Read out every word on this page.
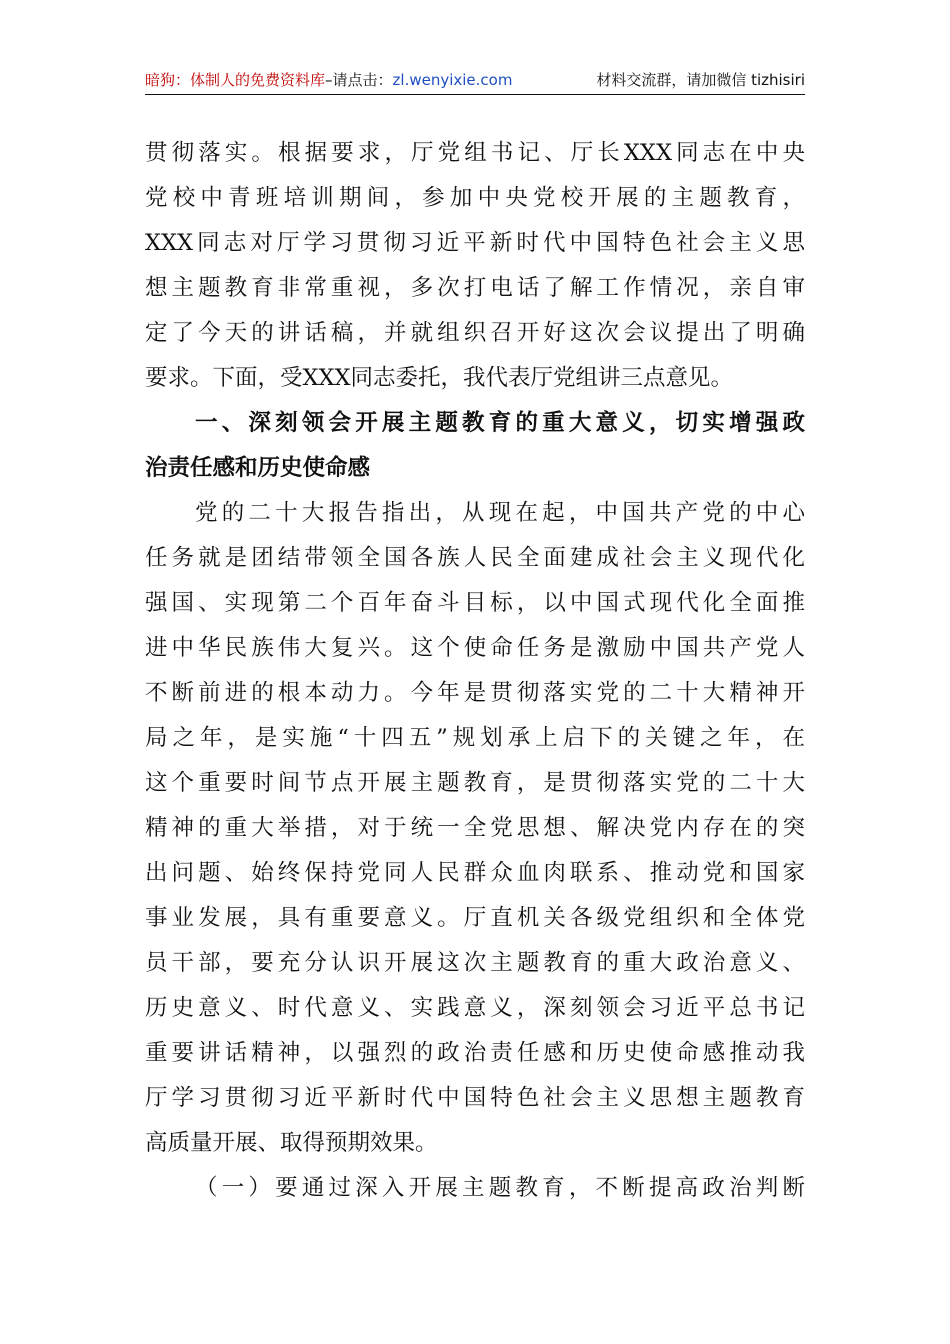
暗狗：体制人的免费资料库–请点击：zl.wenyixie.com	材料交流群，请加微信 tizhisiri
贯彻落实。根据要求，厅党组书记、厅长XXX同志在中央
党校中青班培训期间，参加中央党校开展的主题教育，
XXX同志对厅学习贯彻习近平新时代中国特色社会主义思
想主题教育非常重视，多次打电话了解工作情况，亲自审
定了今天的讲话稿，并就组织召开好这次会议提出了明确
要求。下面，受XXX同志委托，我代表厅党组讲三点意见。
一、深刻领会开展主题教育的重大意义，切实增强政
治责任感和历史使命感
党的二十大报告指出，从现在起，中国共产党的中心
任务就是团结带领全国各族人民全面建成社会主义现代化
强国、实现第二个百年奋斗目标，以中国式现代化全面推
进中华民族伟大复兴。这个使命任务是激励中国共产党人
不断前进的根本动力。今年是贯彻落实党的二十大精神开
局之年，是实施“十四五”规划承上启下的关键之年，在
这个重要时间节点开展主题教育，是贯彻落实党的二十大
精神的重大举措，对于统一全党思想、解决党内存在的突
出问题、始终保持党同人民群众血肉联系、推动党和国家
事业发展，具有重要意义。厅直机关各级党组织和全体党
员干部，要充分认识开展这次主题教育的重大政治意义、
历史意义、时代意义、实践意义，深刻领会习近平总书记
重要讲话精神，以强烈的政治责任感和历史使命感推动我
厅学习贯彻习近平新时代中国特色社会主义思想主题教育
高质量开展、取得预期效果。
（一）要通过深入开展主题教育，不断提高政治判断
